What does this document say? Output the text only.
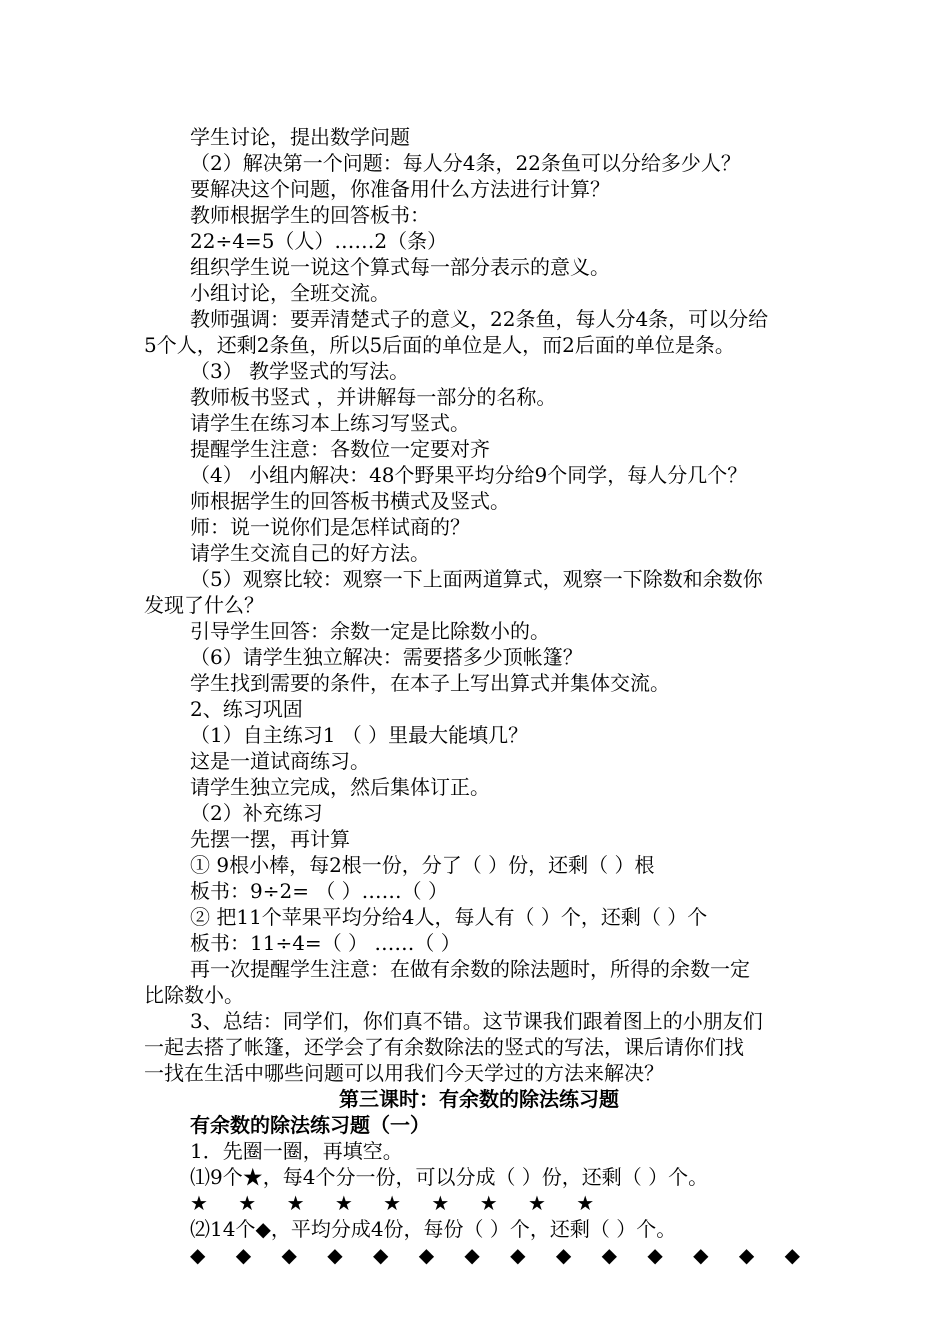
学生讨论，提出数学问题
（2）解决第一个问题：每人分4条，22条鱼可以分给多少人？
要解决这个问题，你准备用什么方法进行计算？
教师根据学生的回答板书：
22÷4=5（人）……2（条）
组织学生说一说这个算式每一部分表示的意义。
小组讨论，全班交流。
教师强调：要弄清楚式子的意义，22条鱼，每人分4条，可以分给
5个人，还剩2条鱼，所以5后面的单位是人，而2后面的单位是条。
（3） 教学竖式的写法。
教师板书竖式 ，并讲解每一部分的名称。
请学生在练习本上练习写竖式。
提醒学生注意：各数位一定要对齐
（4） 小组内解决：48个野果平均分给9个同学，每人分几个？
师根据学生的回答板书横式及竖式。
师：说一说你们是怎样试商的？
请学生交流自己的好方法。
（5）观察比较：观察一下上面两道算式，观察一下除数和余数你
发现了什么？
引导学生回答：余数一定是比除数小的。
（6）请学生独立解决：需要搭多少顶帐篷？
学生找到需要的条件，在本子上写出算式并集体交流。
2、练习巩固
（1）自主练习1 （ ）里最大能填几？
这是一道试商练习。
请学生独立完成，然后集体订正。
（2）补充练习
先摆一摆，再计算
① 9根小棒，每2根一份，分了（ ）份，还剩（ ）根
板书：9÷2= （ ）……（ ）
② 把11个苹果平均分给4人，每人有（ ）个，还剩（ ）个
板书：11÷4=（ ） ……（ ）
再一次提醒学生注意：在做有余数的除法题时，所得的余数一定
比除数小。
3、总结：同学们，你们真不错。这节课我们跟着图上的小朋友们
一起去搭了帐篷，还学会了有余数除法的竖式的写法，课后请你们找
一找在生活中哪些问题可以用我们今天学过的方法来解决？
第三课时：有余数的除法练习题
有余数的除法练习题（一）
1．先圈一圈，再填空。
⑴9个★，每4个分一份，可以分成（ ）份，还剩（ ）个。
★ ★ ★ ★ ★ ★ ★ ★ ★
⑵14个◆，平均分成4份，每份（ ）个，还剩（ ）个。
◆ ◆ ◆ ◆ ◆ ◆ ◆ ◆ ◆ ◆ ◆ ◆ ◆ ◆
